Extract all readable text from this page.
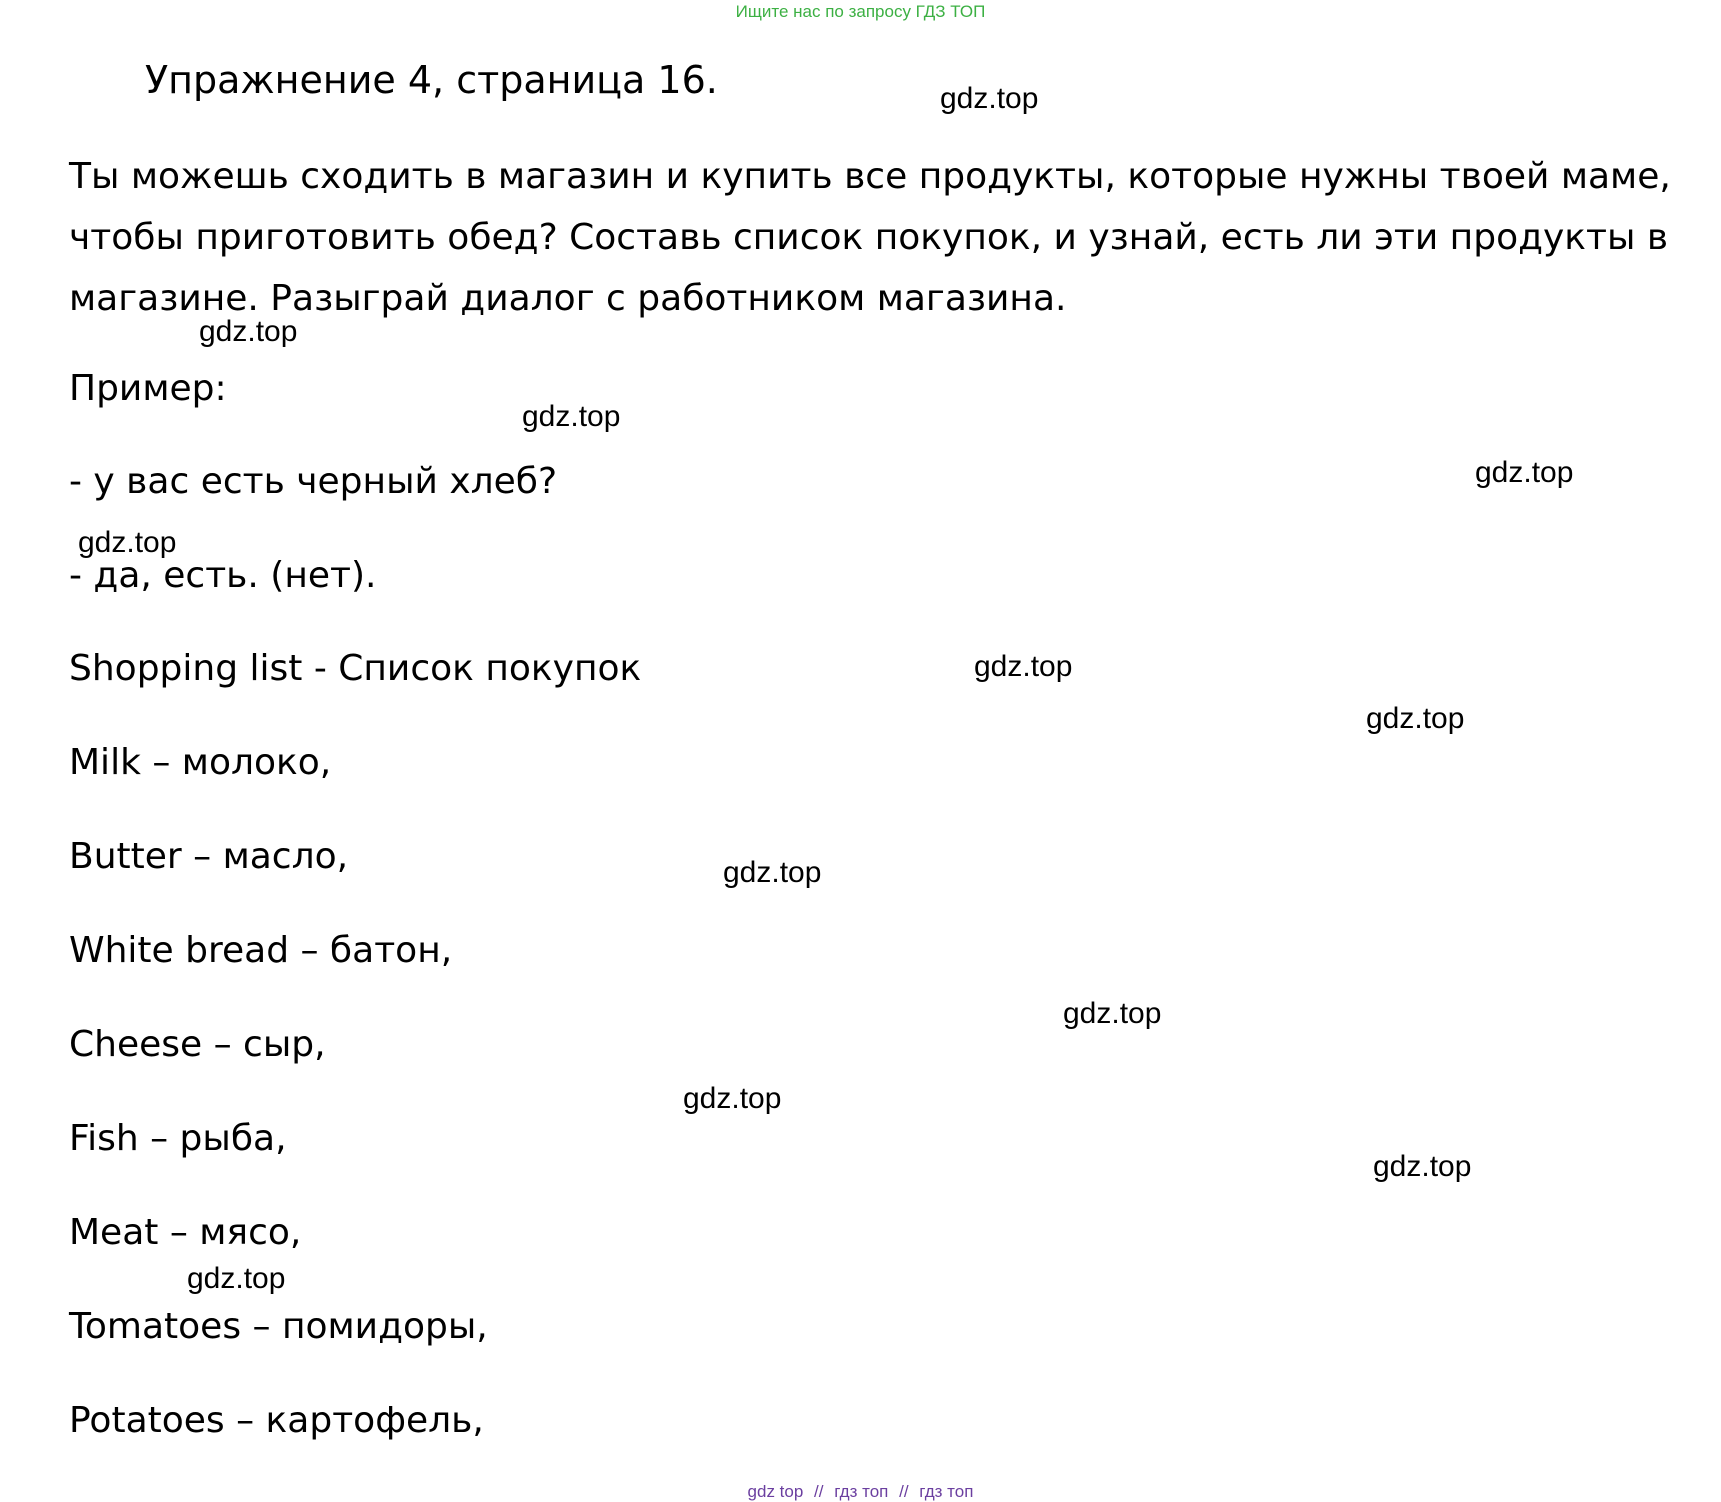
Ищите нас по запросу ГДЗ ТОП
Упражнение 4, страница 16.
Ты можешь сходить в магазин и купить все продукты, которые нужны твоей маме,
чтобы приготовить обед? Составь список покупок, и узнай, есть ли эти продукты в
магазине. Разыграй диалог с работником магазина.
Пример:
- у вас есть черный хлеб?
- да, есть. (нет).
Shopping list - Список покупок
Milk – молоко,
Butter – масло,
White bread – батон,
Cheese – сыр,
Fish – рыба,
Meat – мясо,
Tomatoes – помидоры,
Potatoes – картофель,
gdz.top
gdz.top
gdz.top
gdz.top
gdz.top
gdz.top
gdz.top
gdz.top
gdz.top
gdz.top
gdz.top
gdz.top
gdz top // гдз топ // гдз топ
